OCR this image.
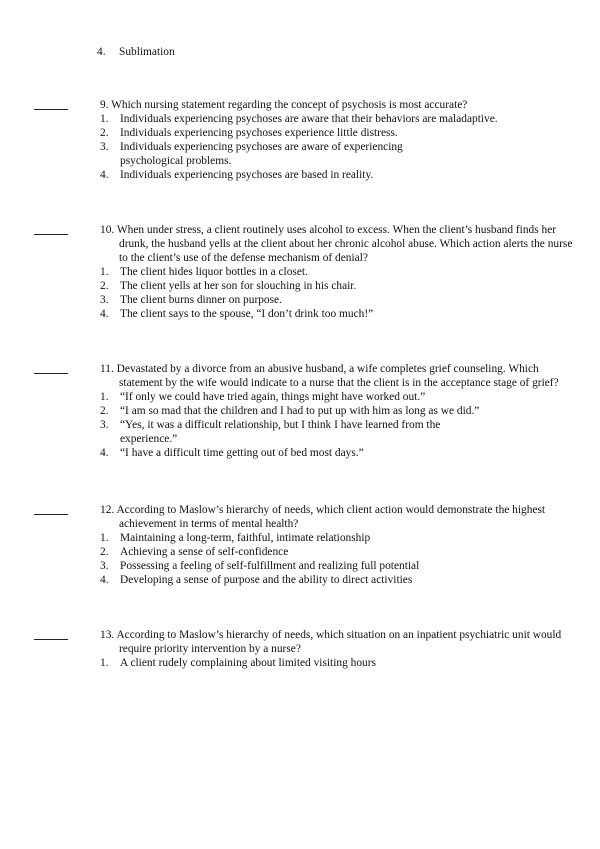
4. Sublimation
9. Which nursing statement regarding the concept of psychosis is most accurate?
1. Individuals experiencing psychoses are aware that their behaviors are maladaptive.
2. Individuals experiencing psychoses experience little distress.
3. Individuals experiencing psychoses are aware of experiencing psychological problems.
4. Individuals experiencing psychoses are based in reality.
10. When under stress, a client routinely uses alcohol to excess. When the client’s husband finds her drunk, the husband yells at the client about her chronic alcohol abuse. Which action alerts the nurse to the client’s use of the defense mechanism of denial?
1. The client hides liquor bottles in a closet.
2. The client yells at her son for slouching in his chair.
3. The client burns dinner on purpose.
4. The client says to the spouse, “I don’t drink too much!”
11. Devastated by a divorce from an abusive husband, a wife completes grief counseling. Which statement by the wife would indicate to a nurse that the client is in the acceptance stage of grief?
1. “If only we could have tried again, things might have worked out.”
2. “I am so mad that the children and I had to put up with him as long as we did.”
3. “Yes, it was a difficult relationship, but I think I have learned from the experience.”
4. “I have a difficult time getting out of bed most days.”
12. According to Maslow’s hierarchy of needs, which client action would demonstrate the highest achievement in terms of mental health?
1. Maintaining a long-term, faithful, intimate relationship
2. Achieving a sense of self-confidence
3. Possessing a feeling of self-fulfillment and realizing full potential
4. Developing a sense of purpose and the ability to direct activities
13. According to Maslow’s hierarchy of needs, which situation on an inpatient psychiatric unit would require priority intervention by a nurse?
1. A client rudely complaining about limited visiting hours
